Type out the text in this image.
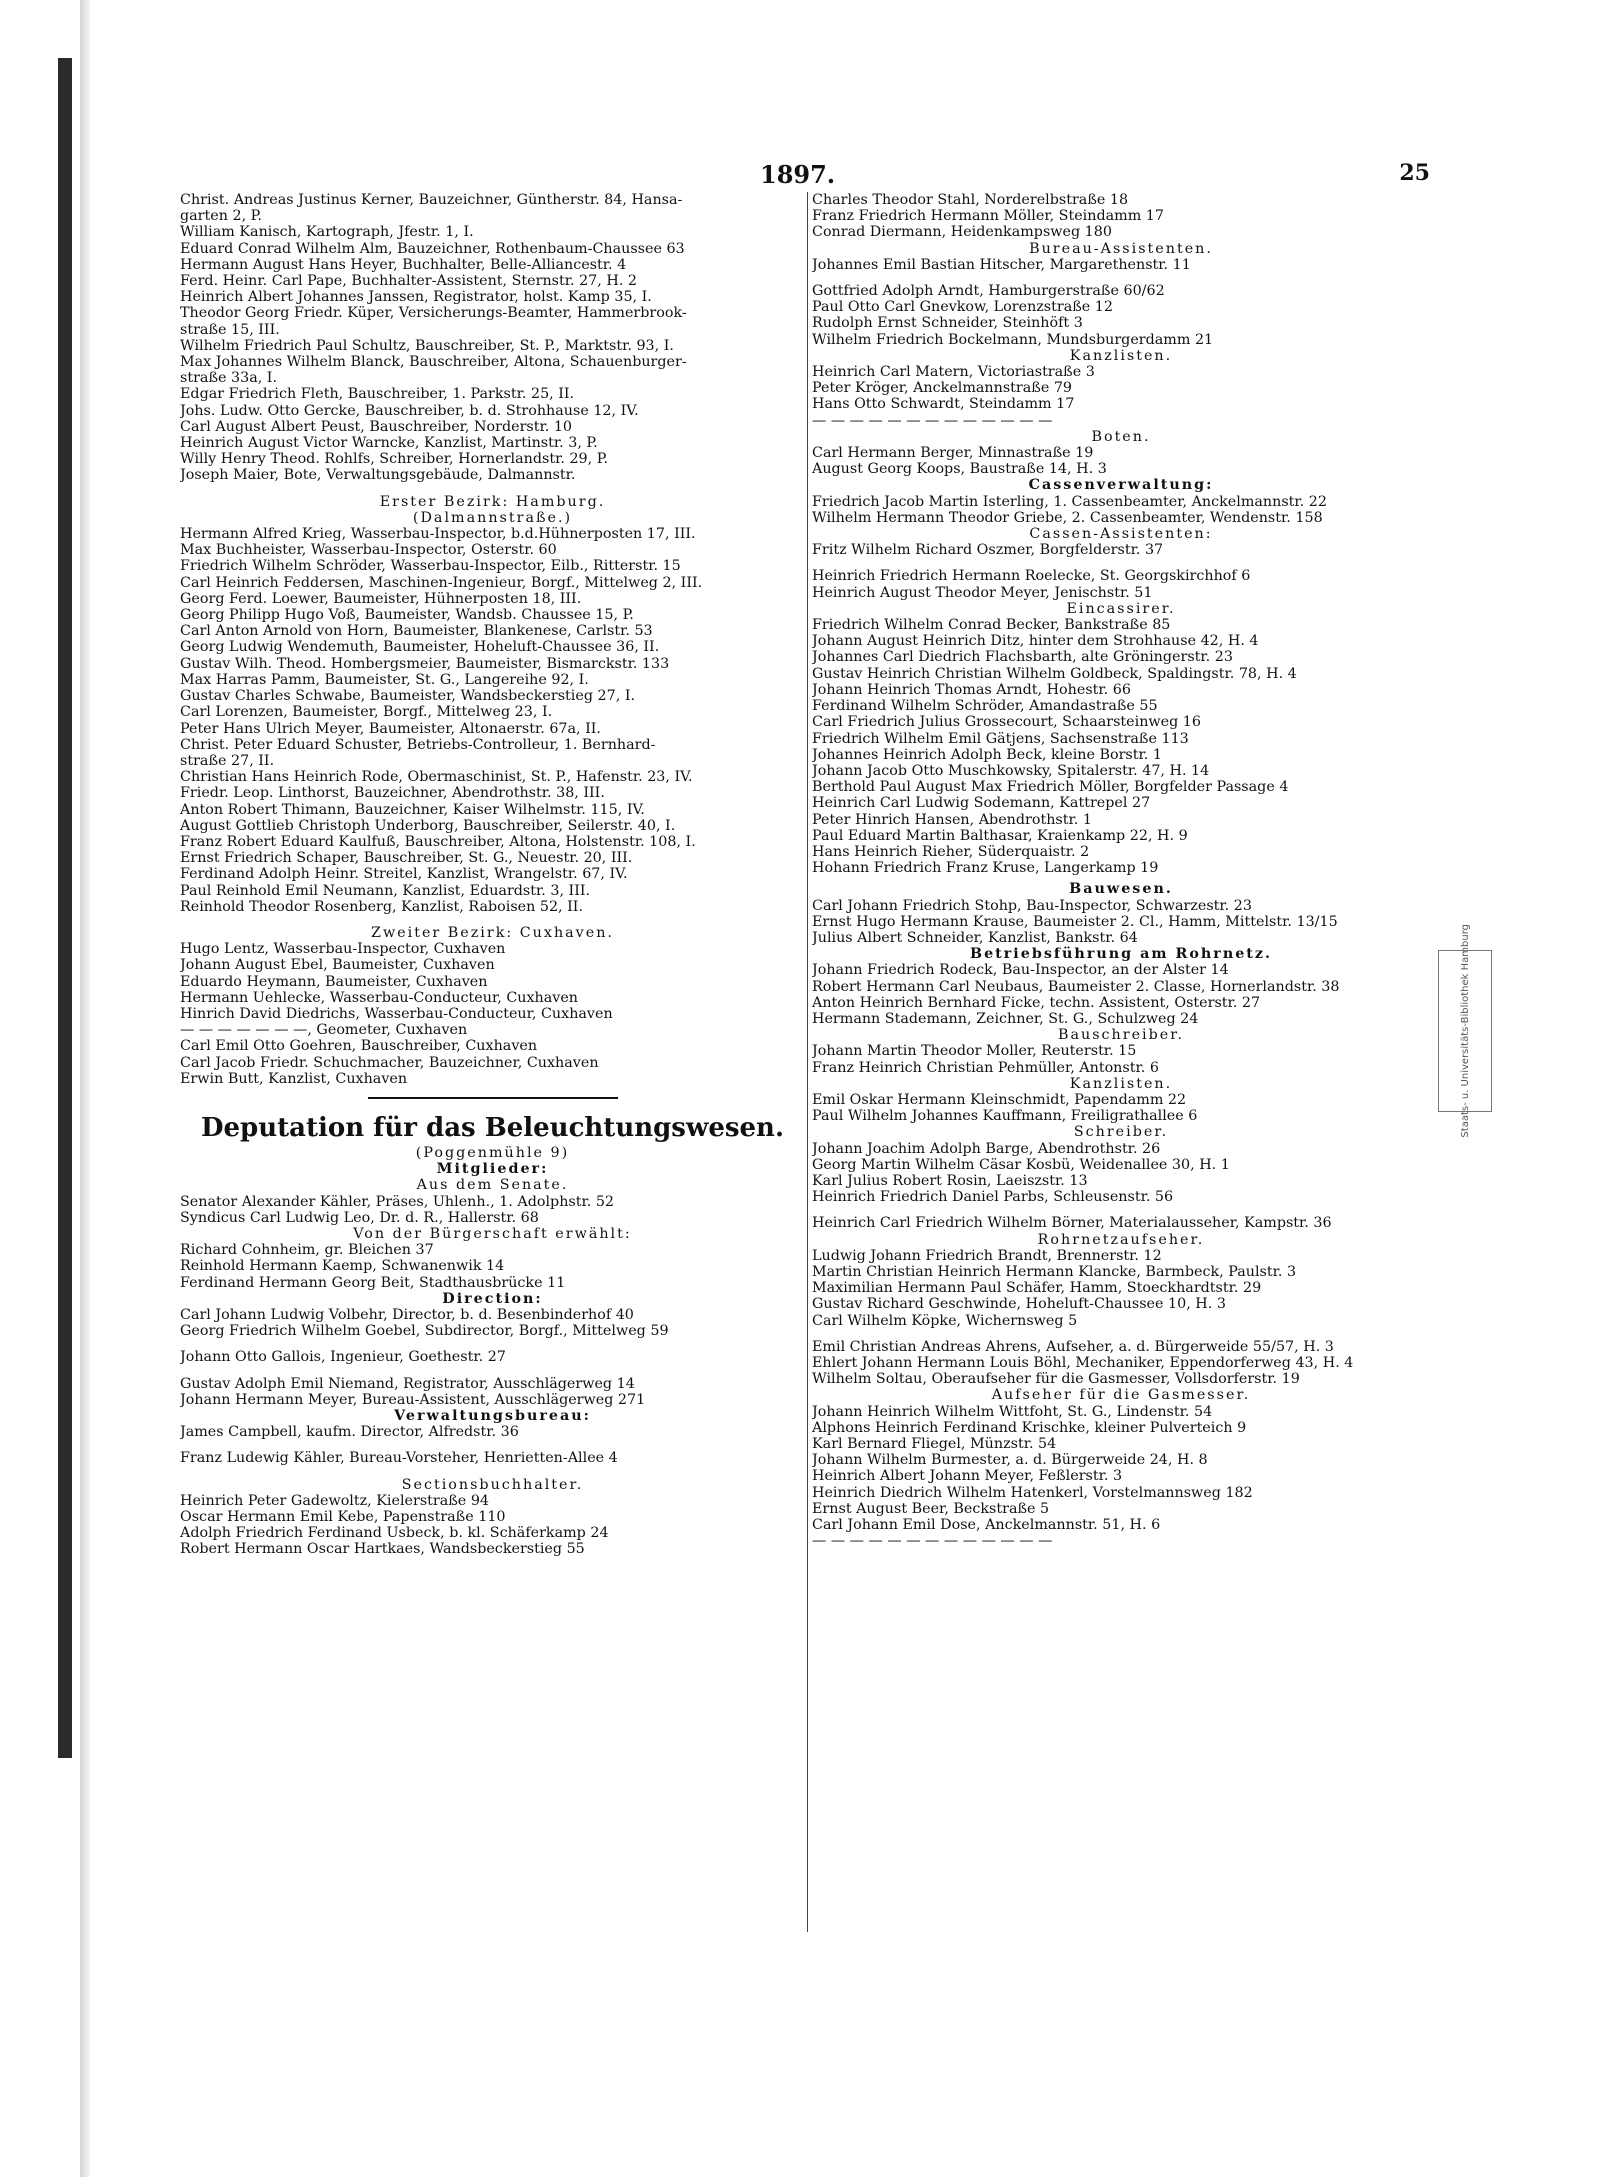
1897.	25
Christ. Andreas Justinus Kerner, Bauzeichner, Güntherstr. 84, Hansa-
garten 2, P.
William Kanisch, Kartograph, Jfestr. 1, I.
Eduard Conrad Wilhelm Alm, Bauzeichner, Rothenbaum-Chaussee 63
Hermann August Hans Heyer, Buchhalter, Belle-Alliancestr. 4
Ferd. Heinr. Carl Pape, Buchhalter-Assistent, Sternstr. 27, H. 2
Heinrich Albert Johannes Janssen, Registrator, holst. Kamp 35, I.
Theodor Georg Friedr. Küper, Versicherungs-Beamter, Hammerbrook-
straße 15, III.
Wilhelm Friedrich Paul Schultz, Bauschreiber, St. P., Marktstr. 93, I.
Max Johannes Wilhelm Blanck, Bauschreiber, Altona, Schauenburger-
straße 33a, I.
Edgar Friedrich Fleth, Bauschreiber, 1. Parkstr. 25, II.
Johs. Ludw. Otto Gercke, Bauschreiber, b. d. Strohhause 12, IV.
Carl August Albert Peust, Bauschreiber, Norderstr. 10
Heinrich August Victor Warncke, Kanzlist, Martinstr. 3, P.
Willy Henry Theod. Rohlfs, Schreiber, Hornerlandstr. 29, P.
Joseph Maier, Bote, Verwaltungsgebäude, Dalmannstr.
Erster Bezirk: Hamburg.
(Dalmannstraße.)
Hermann Alfred Krieg, Wasserbau-Inspector, b.d.Hühnerposten 17, III.
Max Buchheister, Wasserbau-Inspector, Osterstr. 60
Friedrich Wilhelm Schröder, Wasserbau-Inspector, Eilb., Ritterstr. 15
Carl Heinrich Feddersen, Maschinen-Ingenieur, Borgf., Mittelweg 2, III.
Georg Ferd. Loewer, Baumeister, Hühnerposten 18, III.
Georg Philipp Hugo Voß, Baumeister, Wandsb. Chaussee 15, P.
Carl Anton Arnold von Horn, Baumeister, Blankenese, Carlstr. 53
Georg Ludwig Wendemuth, Baumeister, Hoheluft-Chaussee 36, II.
Gustav Wilh. Theod. Hombergsmeier, Baumeister, Bismarckstr. 133
Max Harras Pamm, Baumeister, St. G., Langereihe 92, I.
Gustav Charles Schwabe, Baumeister, Wandsbeckerstieg 27, I.
Carl Lorenzen, Baumeister, Borgf., Mittelweg 23, I.
Peter Hans Ulrich Meyer, Baumeister, Altonaerstr. 67a, II.
Christ. Peter Eduard Schuster, Betriebs-Controlleur, 1. Bernhard-
straße 27, II.
Christian Hans Heinrich Rode, Obermaschinist, St. P., Hafenstr. 23, IV.
Friedr. Leop. Linthorst, Bauzeichner, Abendrothstr. 38, III.
Anton Robert Thimann, Bauzeichner, Kaiser Wilhelmstr. 115, IV.
August Gottlieb Christoph Underborg, Bauschreiber, Seilerstr. 40, I.
Franz Robert Eduard Kaulfuß, Bauschreiber, Altona, Holstenstr. 108, I.
Ernst Friedrich Schaper, Bauschreiber, St. G., Neuestr. 20, III.
Ferdinand Adolph Heinr. Streitel, Kanzlist, Wrangelstr. 67, IV.
Paul Reinhold Emil Neumann, Kanzlist, Eduardstr. 3, III.
Reinhold Theodor Rosenberg, Kanzlist, Raboisen 52, II.
Zweiter Bezirk: Cuxhaven.
Hugo Lentz, Wasserbau-Inspector, Cuxhaven
Johann August Ebel, Baumeister, Cuxhaven
Eduardo Heymann, Baumeister, Cuxhaven
Hermann Uehlecke, Wasserbau-Conducteur, Cuxhaven
Hinrich David Diedrichs, Wasserbau-Conducteur, Cuxhaven
— — — — — — —, Geometer, Cuxhaven
Carl Emil Otto Goehren, Bauschreiber, Cuxhaven
Carl Jacob Friedr. Schuchmacher, Bauzeichner, Cuxhaven
Erwin Butt, Kanzlist, Cuxhaven
Deputation für das Beleuchtungswesen.
(Poggenmühle 9)
Mitglieder:
Aus dem Senate.
Senator Alexander Kähler, Präses, Uhlenh., 1. Adolphstr. 52
Syndicus Carl Ludwig Leo, Dr. d. R., Hallerstr. 68
Von der Bürgerschaft erwählt:
Richard Cohnheim, gr. Bleichen 37
Reinhold Hermann Kaemp, Schwanenwik 14
Ferdinand Hermann Georg Beit, Stadthausbrücke 11
Direction:
Carl Johann Ludwig Volbehr, Director, b. d. Besenbinderhof 40
Georg Friedrich Wilhelm Goebel, Subdirector, Borgf., Mittelweg 59
Johann Otto Gallois, Ingenieur, Goethestr. 27
Gustav Adolph Emil Niemand, Registrator, Ausschlägerweg 14
Johann Hermann Meyer, Bureau-Assistent, Ausschlägerweg 271
Verwaltungsbureau:
James Campbell, kaufm. Director, Alfredstr. 36
Franz Ludewig Kähler, Bureau-Vorsteher, Henrietten-Allee 4
Sectionsbuchhalter.
Heinrich Peter Gadewoltz, Kielerstraße 94
Oscar Hermann Emil Kebe, Papenstraße 110
Adolph Friedrich Ferdinand Usbeck, b. kl. Schäferkamp 24
Robert Hermann Oscar Hartkaes, Wandsbeckerstieg 55
Charles Theodor Stahl, Norderelbstraße 18
Franz Friedrich Hermann Möller, Steindamm 17
Conrad Diermann, Heidenkampsweg 180
Bureau-Assistenten.
Johannes Emil Bastian Hitscher, Margarethenstr. 11
Gottfried Adolph Arndt, Hamburgerstraße 60/62
Paul Otto Carl Gnevkow, Lorenzstraße 12
Rudolph Ernst Schneider, Steinhöft 3
Wilhelm Friedrich Bockelmann, Mundsburgerdamm 21
Kanzlisten.
Heinrich Carl Matern, Victoriastraße 3
Peter Kröger, Anckelmannstraße 79
Hans Otto Schwardt, Steindamm 17
— — — — — — — — — — — — —
Boten.
Carl Hermann Berger, Minnastraße 19
August Georg Koops, Baustraße 14, H. 3
Cassenverwaltung:
Friedrich Jacob Martin Isterling, 1. Cassenbeamter, Anckelmannstr. 22
Wilhelm Hermann Theodor Griebe, 2. Cassenbeamter, Wendenstr. 158
Cassen-Assistenten:
Fritz Wilhelm Richard Oszmer, Borgfelderstr. 37
Heinrich Friedrich Hermann Roelecke, St. Georgskirchhof 6
Heinrich August Theodor Meyer, Jenischstr. 51
Eincassirer.
Friedrich Wilhelm Conrad Becker, Bankstraße 85
Johann August Heinrich Ditz, hinter dem Strohhause 42, H. 4
Johannes Carl Diedrich Flachsbarth, alte Gröningerstr. 23
Gustav Heinrich Christian Wilhelm Goldbeck, Spaldingstr. 78, H. 4
Johann Heinrich Thomas Arndt, Hohestr. 66
Ferdinand Wilhelm Schröder, Amandastraße 55
Carl Friedrich Julius Grossecourt, Schaarsteinweg 16
Friedrich Wilhelm Emil Gätjens, Sachsenstraße 113
Johannes Heinrich Adolph Beck, kleine Borstr. 1
Johann Jacob Otto Muschkowsky, Spitalerstr. 47, H. 14
Berthold Paul August Max Friedrich Möller, Borgfelder Passage 4
Heinrich Carl Ludwig Sodemann, Kattrepel 27
Peter Hinrich Hansen, Abendrothstr. 1
Paul Eduard Martin Balthasar, Kraienkamp 22, H. 9
Hans Heinrich Rieher, Süderquaistr. 2
Hohann Friedrich Franz Kruse, Langerkamp 19
Bauwesen.
Carl Johann Friedrich Stohp, Bau-Inspector, Schwarzestr. 23
Ernst Hugo Hermann Krause, Baumeister 2. Cl., Hamm, Mittelstr. 13/15
Julius Albert Schneider, Kanzlist, Bankstr. 64
Betriebsführung am Rohrnetz.
Johann Friedrich Rodeck, Bau-Inspector, an der Alster 14
Robert Hermann Carl Neubaus, Baumeister 2. Classe, Hornerlandstr. 38
Anton Heinrich Bernhard Ficke, techn. Assistent, Osterstr. 27
Hermann Stademann, Zeichner, St. G., Schulzweg 24
Bauschreiber.
Johann Martin Theodor Moller, Reuterstr. 15
Franz Heinrich Christian Pehmüller, Antonstr. 6
Kanzlisten.
Emil Oskar Hermann Kleinschmidt, Papendamm 22
Paul Wilhelm Johannes Kauffmann, Freiligrathallee 6
Schreiber.
Johann Joachim Adolph Barge, Abendrothstr. 26
Georg Martin Wilhelm Cäsar Kosbü, Weidenallee 30, H. 1
Karl Julius Robert Rosin, Laeiszstr. 13
Heinrich Friedrich Daniel Parbs, Schleusenstr. 56
Heinrich Carl Friedrich Wilhelm Börner, Materialausseher, Kampstr. 36
Rohrnetzaufseher.
Ludwig Johann Friedrich Brandt, Brennerstr. 12
Martin Christian Heinrich Hermann Klancke, Barmbeck, Paulstr. 3
Maximilian Hermann Paul Schäfer, Hamm, Stoeckhardtstr. 29
Gustav Richard Geschwinde, Hoheluft-Chaussee 10, H. 3
Carl Wilhelm Köpke, Wichernsweg 5
Emil Christian Andreas Ahrens, Aufseher, a. d. Bürgerweide 55/57, H. 3
Ehlert Johann Hermann Louis Böhl, Mechaniker, Eppendorferweg 43, H. 4
Wilhelm Soltau, Oberaufseher für die Gasmesser, Vollsdorferstr. 19
Aufseher für die Gasmesser.
Johann Heinrich Wilhelm Wittfoht, St. G., Lindenstr. 54
Alphons Heinrich Ferdinand Krischke, kleiner Pulverteich 9
Karl Bernard Fliegel, Münzstr. 54
Johann Wilhelm Burmester, a. d. Bürgerweide 24, H. 8
Heinrich Albert Johann Meyer, Feßlerstr. 3
Heinrich Diedrich Wilhelm Hatenkerl, Vorstelmannsweg 182
Ernst August Beer, Beckstraße 5
Carl Johann Emil Dose, Anckelmannstr. 51, H. 6
— — — — — — — — — — — — —
Staats- u. Universitäts-Bibliothek Hamburg
